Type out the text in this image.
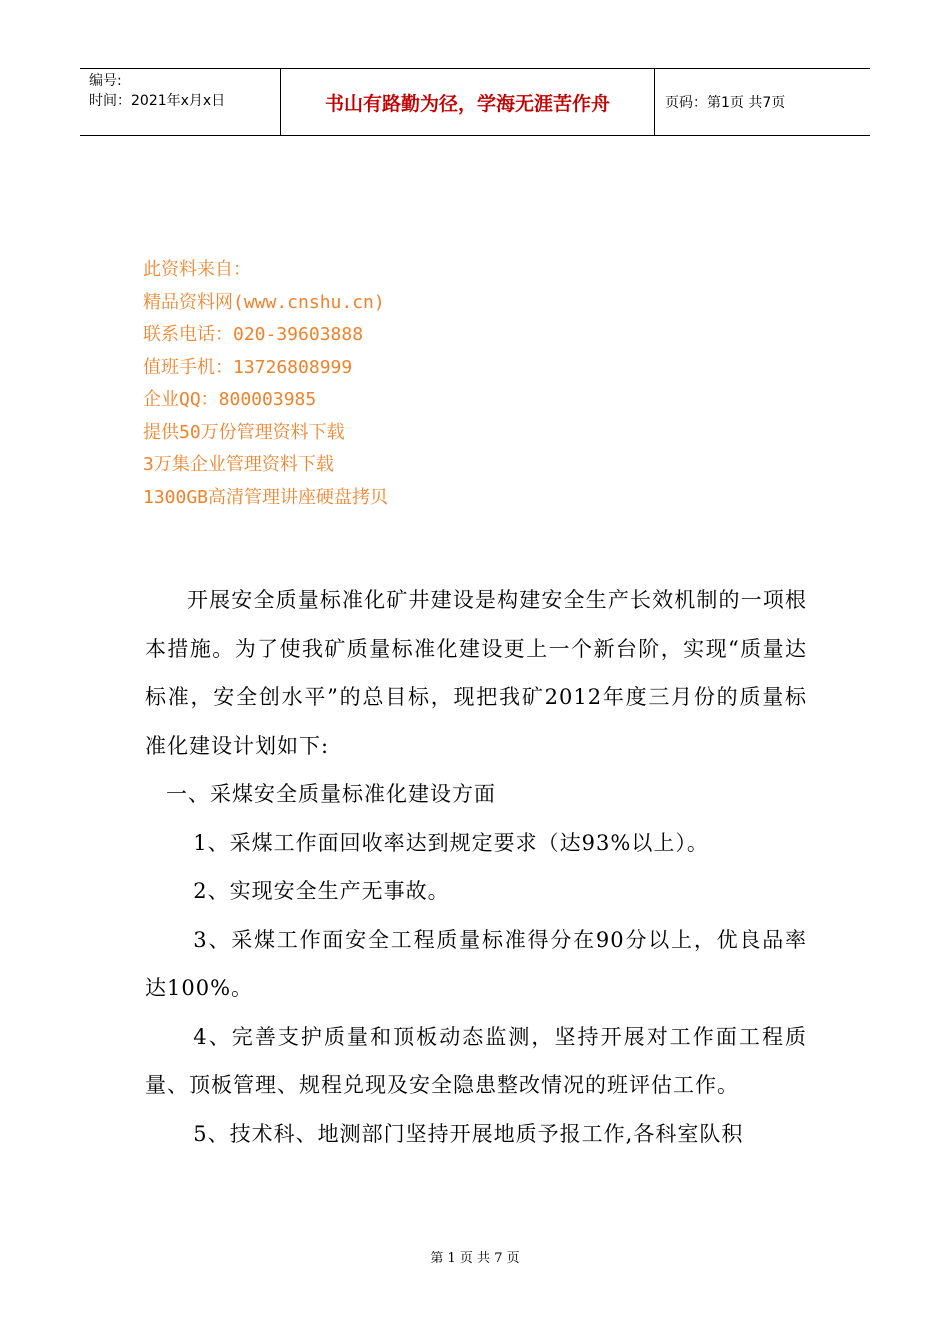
编号:
时间：2021年x月x日	书山有路勤为径，学海无涯苦作舟	页码：第1页 共7页
此资料来自：
精品资料网(www.cnshu.cn)
联系电话：020-39603888
值班手机：13726808999
企业QQ：800003985
提供50万份管理资料下载
3万集企业管理资料下载
1300GB高清管理讲座硬盘拷贝

开展安全质量标准化矿井建设是构建安全生产长效机制的一项根本措施。为了使我矿质量标准化建设更上一个新台阶，实现“质量达标准，安全创水平”的总目标，现把我矿2012年度三月份的质量标准化建设计划如下:

一、采煤安全质量标准化建设方面

1、采煤工作面回收率达到规定要求（达93%以上）。

2、实现安全生产无事故。

3、采煤工作面安全工程质量标准得分在90分以上，优良品率达100%。

4、完善支护质量和顶板动态监测，坚持开展对工作面工程质量、顶板管理、规程兑现及安全隐患整改情况的班评估工作。

5、技术科、地测部门坚持开展地质予报工作,各科室队积

第 1 页 共 7 页
